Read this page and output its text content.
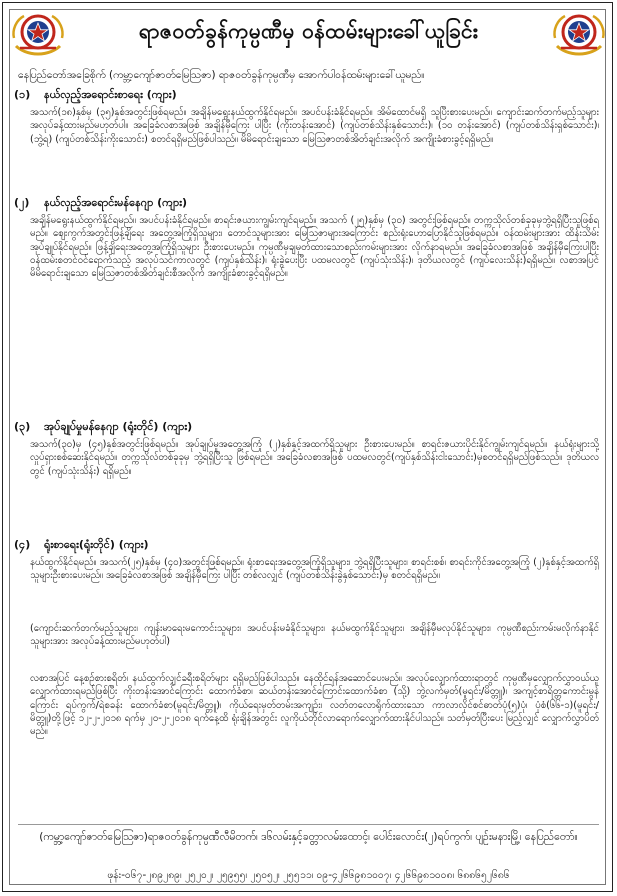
ရာဇဝတ်ခွန်ကုမ္ပဏီမှ ဝန်ထမ်းများခေါ်ယူခြင်း
နေပြည်တော်အခြေစိုက် (ကမ္ဘာ့ကျော်ဇာတ်မြေသြဇာ) ရာဇဝတ်ခွန်ကုမ္ပဏီမှ အောက်ပါဝန်ထမ်းများခေါ်ယူမည်။
(၁) နယ်လှည့်အရောင်းစာရေး (ကျား)
အသက်(၁၈)နှစ်မှ (၃၅)နှစ်အတွင်းဖြစ်ရမည်။ အချိန်မရွေးနယ်ထွက်နိုင်ရမည်။ အပင်ပန်းခံနိုင်ရမည်။ အိမ်ထောင်မရှိ သူပြီးစားပေးမည်။ ကျောင်းဆက်တက်မည့်သူများ အလုပ်ခန့်ထားမည်မဟုတ်ပါ။ အခြေခံလစာအဖြစ် အချိန်မှီကြေး ပါပြီး (ကိုးတန်းအောင်) (ကျပ်တစ်သိန်းနှစ်သောင်း)၊ (၁၀ တန်းအောင်) (ကျပ်တစ်သိန်းရှစ်သောင်း)၊ (ဘွဲ့ရ) (ကျပ်တစ်သိန်းကိုးသောင်း) စတင်ရရှိမည်ဖြစ်ပါသည်။ မိမိရောင်းချသော မြေသြဇာတစ်အိတ်ချင်းအလိုက် အကျိုးခံစားခွင့်ရရှိမည်။
(၂) နယ်လှည့်အရောင်းမန်နေဂျာ (ကျား)
အချိန်မရွေးနယ်ထွက်နိုင်ရမည်။ အပင်ပန်းခံနိုင်ရမည်။ စာရင်းဇယားကျွမ်းကျင်ရမည်။ အသက် (၂၅)နှစ်မှ (၃၀) အတွင်းဖြစ်ရမည်။ တက္ကသိုလ်တစ်ခုခုမှဘွဲ့ရရှိပြီးသူဖြစ်ရမည်။ ဈေးကွက်အတွင်းဖြန့်ချိရေး အတွေ့အကြုံရှိသူများ၊ တောင်သူများအား မြေသြဇာများအကြောင်း စည်းရုံးဟောပြောနိုင်သူဖြစ်ရမည်။ ဝန်ထမ်းများအား ထိန်းသိမ်း အုပ်ချုပ်နိုင်ရမည်။ ဖြန့်ချိရေးအတွေ့အကြုံရှိသူများ ဦးစားပေးမည်။ ကုမ္ပဏီမှချမှတ်ထားသောစည်းကမ်းများအား လိုက်နာရမည်။ အခြေခံလစာအဖြစ် အချိန်မှီကြေးပါပြီး ဝန်ထမ်းစတင်ဝင်ရောက်သည့် အလုပ်သင်ကာလတွင် (ကျပ်နှစ်သိန်း)၊ ရုံးခွဲပေးပြီး ပထမလတွင် (ကျပ်သုံးသိန်း)၊ ဒုတိယလတွင် (ကျပ်လေးသိန်း)ရရှိမည်။ လစာအပြင် မိမိရောင်းချသော မြေသြဇာတစ်အိတ်ချင်းစီအလိုက် အကျိုးခံစားခွင့်ရရှိမည်။
(၃) အုပ်ချုပ်မှုမန်နေဂျာ (ရုံးတိုင်) (ကျား)
အသက်(၃၀)မှ (၄၅)နှစ်အတွင်းဖြစ်ရမည်။ အုပ်ချုပ်မှုအတွေ့အကြုံ (၂)နှစ်နှင့်အထက်ရှိသူများ ဦးစားပေးမည်။ စာရင်းဇယားပိုင်းနိုင်ကျွမ်းကျင်ရမည်။ နယ်ရုံးများသို့ လှုပ်ရှားစစ်ဆေးနိုင်ရမည်။ တက္ကသိုလ်တစ်ခုခုမှ ဘွဲ့ရရှိပြီးသူ ဖြစ်ရမည်။ အခြေခံလစာအဖြစ် ပထမလတွင်(ကျပ်နှစ်သိန်းငါးသောင်း)မှစတင်ရရှိမည်ဖြစ်သည်။ ဒုတိယလတွင် (ကျပ်သုံးသိန်း) ရရှိမည်။
(၄) ရုံးစာရေး(ရုံးတိုင်) (ကျား)
နယ်ထွက်နိုင်ရမည်။ အသက်(၂၅)နှစ်မှ (၄၀)အတွင်းဖြစ်ရမည်။ ရုံးစာရေးအတွေ့အကြုံရှိသူများ၊ ဘွဲ့ရရှိပြီးသူများ၊ စာရင်းစစ်၊ စာရင်းကိုင်အတွေ့အကြုံ (၂)နှစ်နှင့်အထက်ရှိသူများဦးစားပေးမည်။ အခြေခံလစာအဖြစ် အချိန်မှီကြေး ပါပြီး တစ်လလျှင် (ကျပ်တစ်သိန်းခွဲနှစ်သောင်း)မှ စတင်ရရှိမည်။
(ကျောင်းဆက်တက်မည့်သူများ၊ ကျန်းမာရေးမကောင်းသူများ၊ အပင်ပန်းမခံနိုင်သူများ၊ နယ်မထွက်နိုင်သူများ၊ အချိန်မှီမလုပ်နိုင်သူများ၊ ကုမ္ပဏီစည်းကမ်းမလိုက်နာနိုင်သူများအား အလုပ်ခန့်ထားမည်မဟုတ်ပါ)
လစာအပြင် နေ့စဉ်စားစရိတ်၊ နယ်ထွက်လျှင်ခရီးစရိတ်များ ရရှိမည်ဖြစ်ပါသည်။ နေထိုင်ရန်အဆောင်ပေးမည်။ အလုပ်လျှောက်ထားရာတွင် ကုမ္ပဏီမှလျှောက်လွှာဝယ်ယူ လျှောက်ထားရမည်ဖြစ်ပြီး ကိုးတန်းအောင်ကြောင်း ထောက်ခံစာ၊ ဆယ်တန်းအောင်ကြောင်းထောက်ခံစာ (သို့) ဘွဲ့လက်မှတ်(မူရင်း/မိတ္တူ)၊ အကျင့်စာရိတ္တကောင်းမွန် ကြောင်း ရပ်ကွက်/ရဲစခန်း ထောက်ခံစာ(မူရင်း/မိတ္တူ)၊ ကိုယ်ရေးမှတ်တမ်းအကျဉ်း၊ လတ်တလောရိုက်ထားသော ကာလာလိုင်စင်ဓာတ်ပုံ(၅)ပုံ၊ ပုံစံ(၆၆-၁)(မူရင်း/မိတ္တူ)တို့ဖြင့် ၁၂-၂-၂၀၁၈ ရက်မှ ၂၀-၂-၂၀၁၈ ရက်နေ့ထိ ရုံးချိန်အတွင်း လူကိုယ်တိုင်လာရောက်လျှောက်ထားနိုင်ပါသည်။ သတ်မှတ်ပြီးပေး မြည့်လျှင် လျှောက်လွှာပိတ်မည်။
(ကမ္ဘာ့ကျော်ဇာတ်မြေသြဇာ)ရာဇဝတ်ခွန်ကုမ္ပဏီလီမိတက်၊ ဒ၆လမ်းနှင့်ခတ္တာလမ်းထောင့်၊ ပေါင်းလောင်း(၂)ရပ်ကွက်၊ ပျဉ်းမနားမြို့၊ နေပြည်တော်။
ဖုန်း-၀၆၇-၂၈၉၂၈၉၊ ၂၅၂၀၂၊ ၂၅၉၅၅၊ ၂၅၀၅၂၊ ၂၅၅၁၁၊ ၀၉-၄၂၆၆၉၈၁၀၀၇၊ ၄၂၆၆၉၈၁၀၀၈၊ ၆၈၈၆၅၂၆၈၆
